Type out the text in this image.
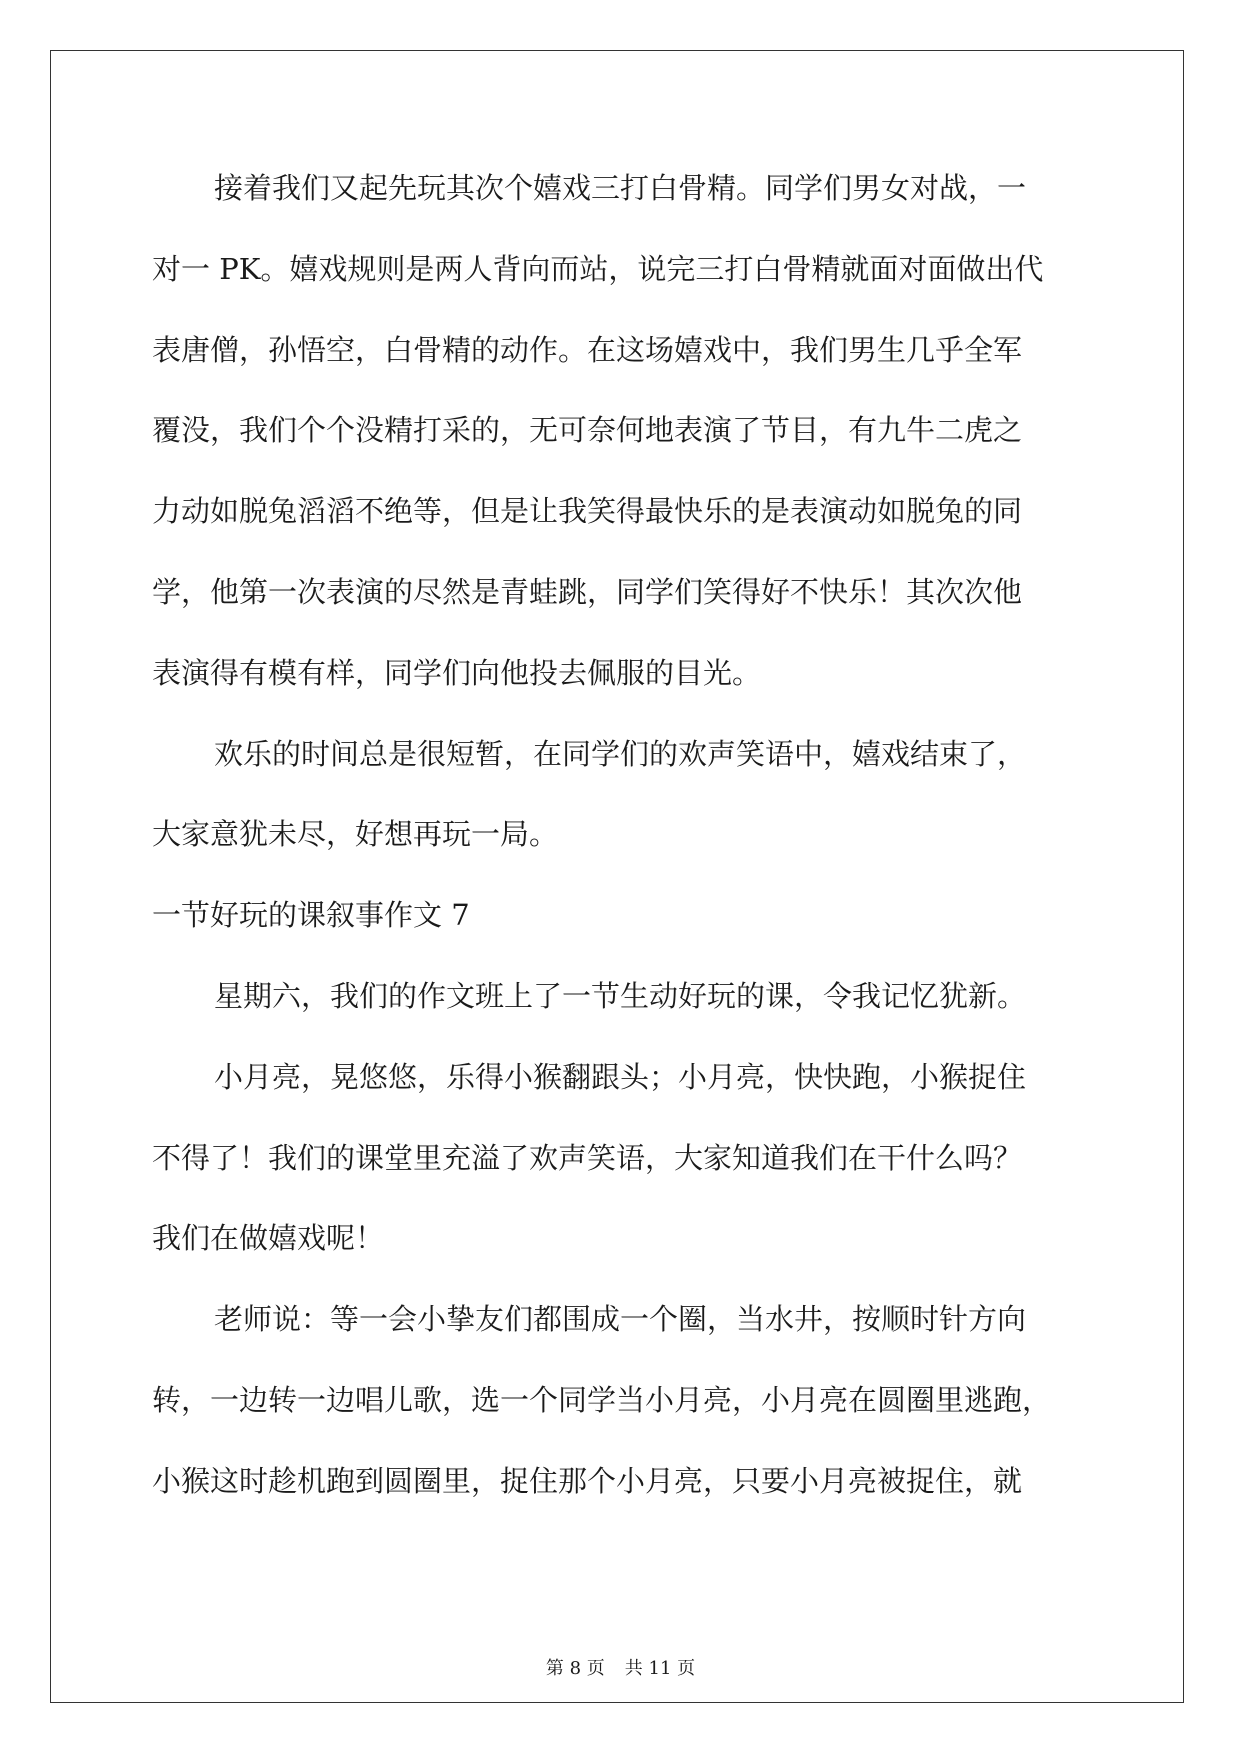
接着我们又起先玩其次个嬉戏三打白骨精。同学们男女对战，一

对一 PK。嬉戏规则是两人背向而站，说完三打白骨精就面对面做出代

表唐僧，孙悟空，白骨精的动作。在这场嬉戏中，我们男生几乎全军

覆没，我们个个没精打采的，无可奈何地表演了节目，有九牛二虎之

力动如脱兔滔滔不绝等，但是让我笑得最快乐的是表演动如脱兔的同

学，他第一次表演的尽然是青蛙跳，同学们笑得好不快乐！其次次他

表演得有模有样，同学们向他投去佩服的目光。

欢乐的时间总是很短暂，在同学们的欢声笑语中，嬉戏结束了，

大家意犹未尽，好想再玩一局。

一节好玩的课叙事作文 7

星期六，我们的作文班上了一节生动好玩的课，令我记忆犹新。

小月亮，晃悠悠，乐得小猴翻跟头；小月亮，快快跑，小猴捉住

不得了！我们的课堂里充溢了欢声笑语，大家知道我们在干什么吗？

我们在做嬉戏呢！

老师说：等一会小挚友们都围成一个圈，当水井，按顺时针方向

转，一边转一边唱儿歌，选一个同学当小月亮，小月亮在圆圈里逃跑，

小猴这时趁机跑到圆圈里，捉住那个小月亮，只要小月亮被捉住，就

第 8 页 共 11 页
